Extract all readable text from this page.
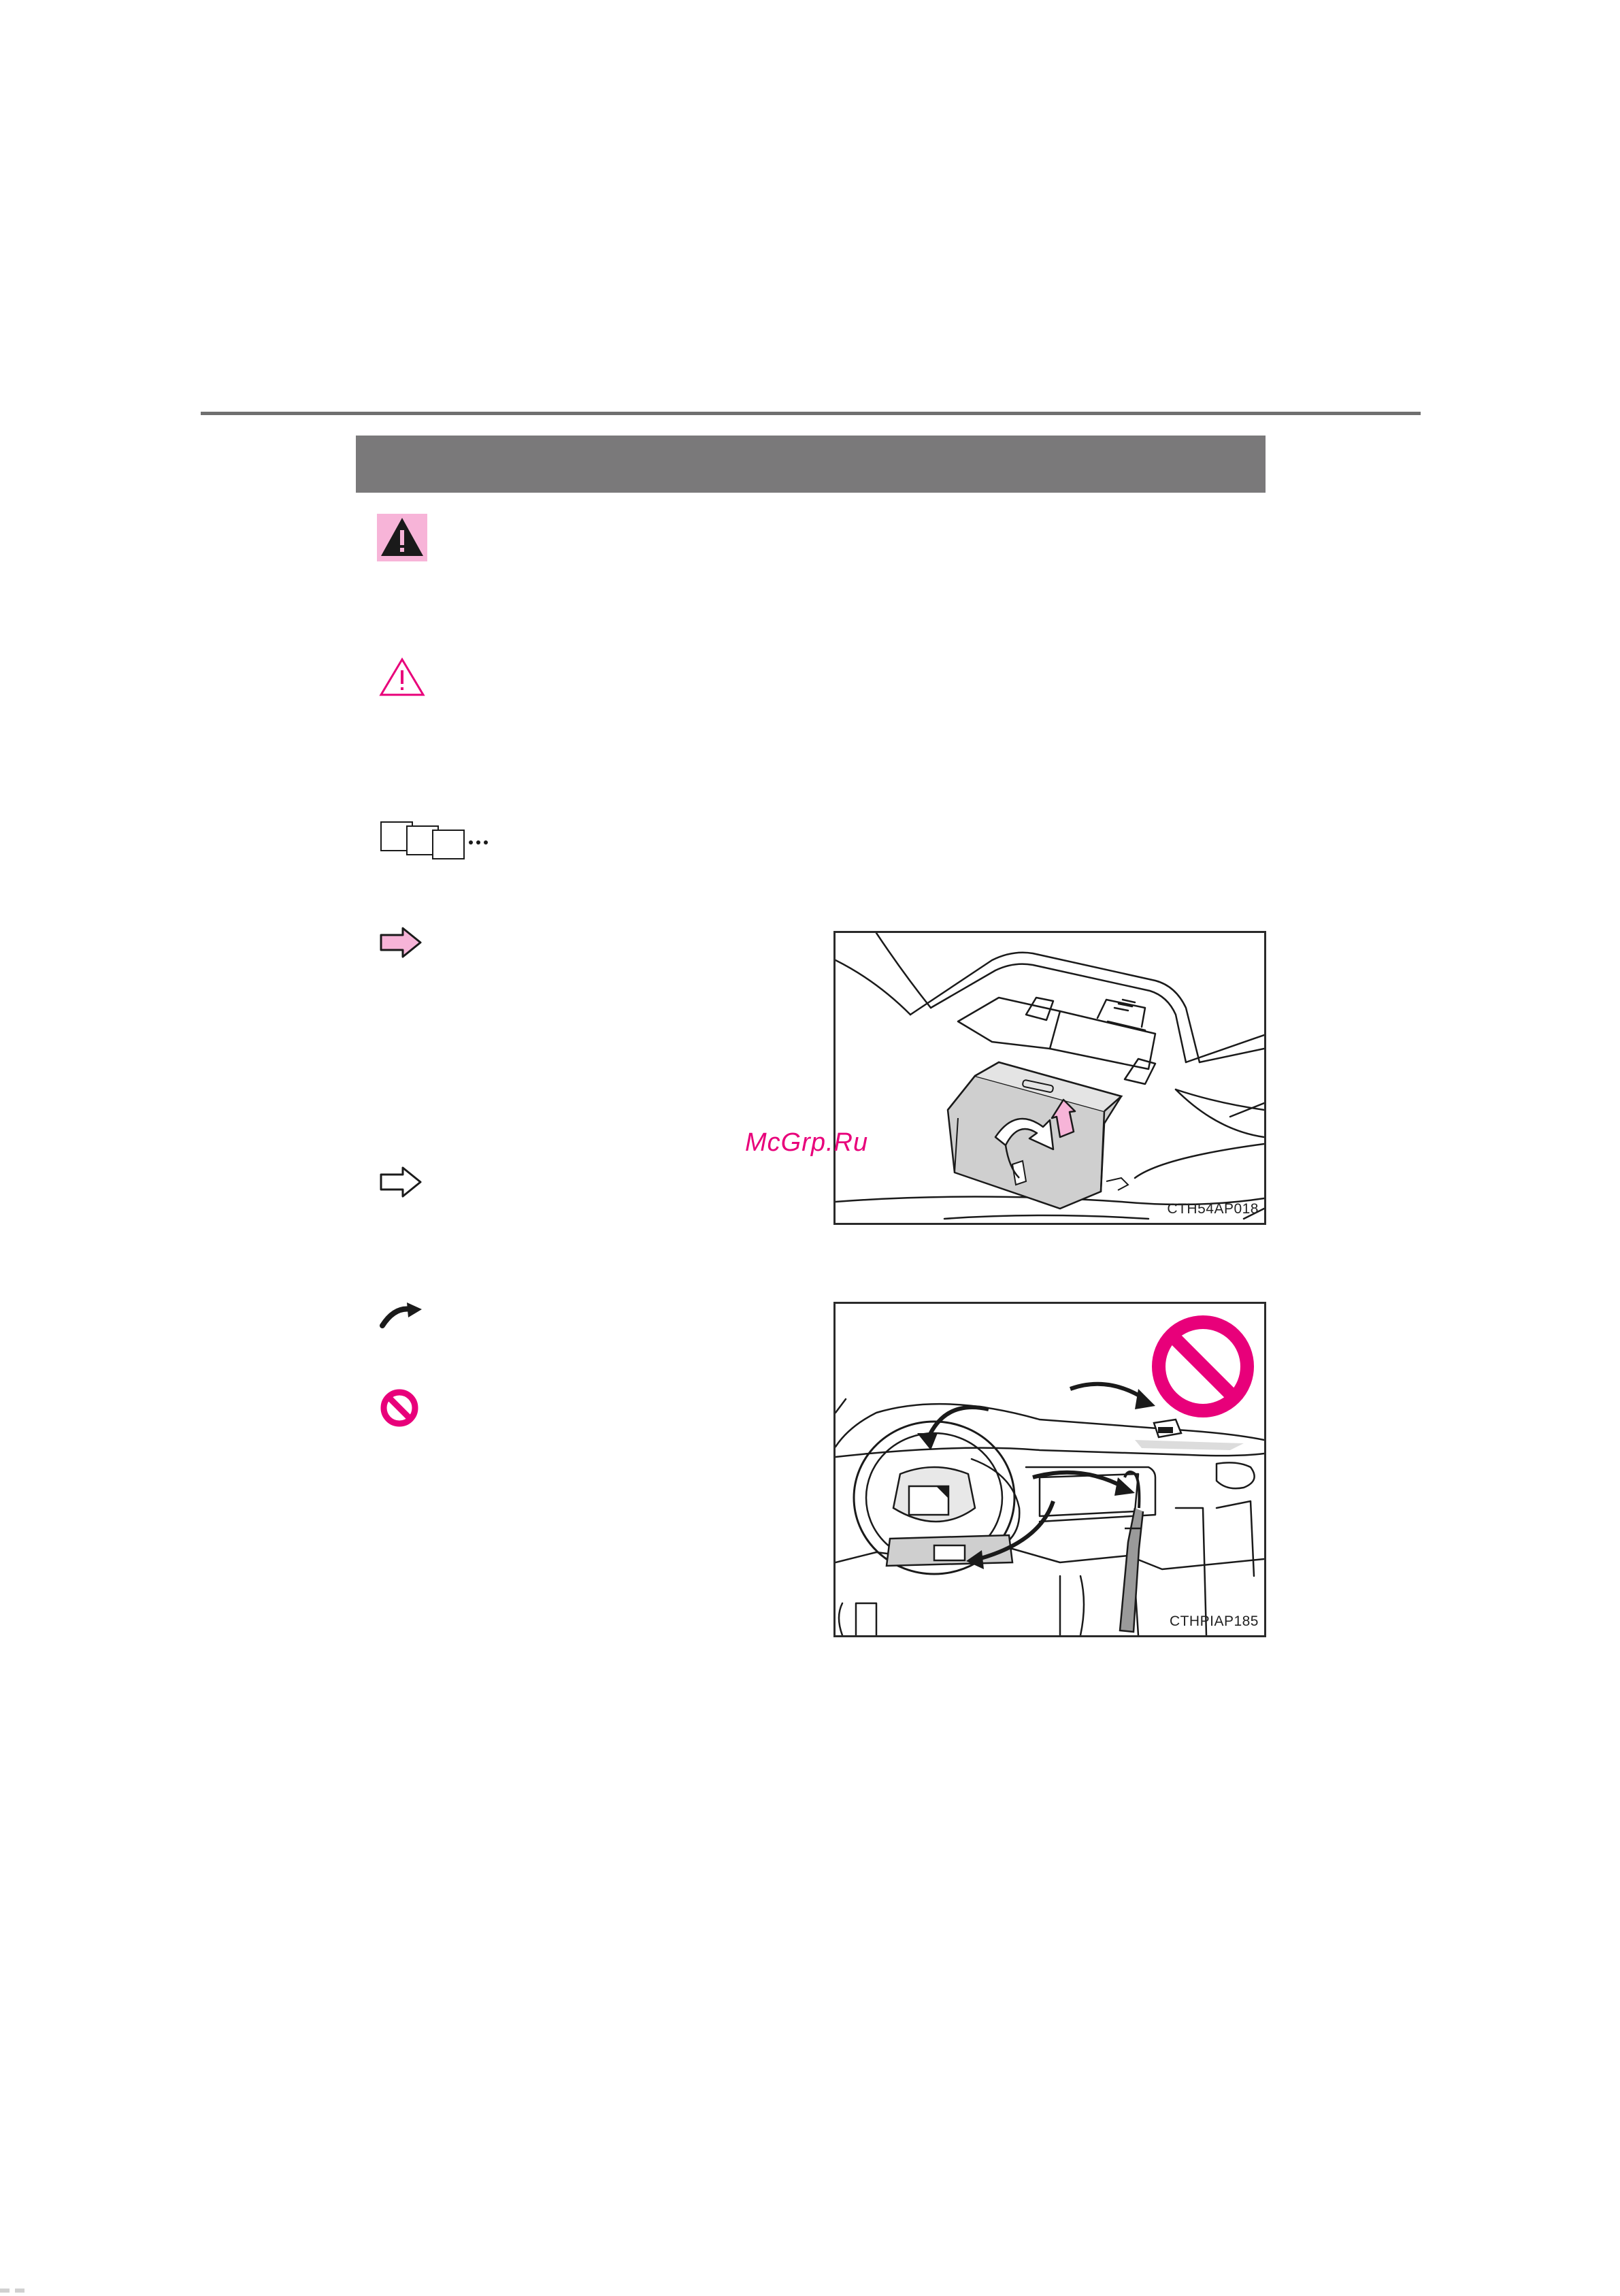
CTH54AP018
CTHPIAP185
McGrp.Ru
